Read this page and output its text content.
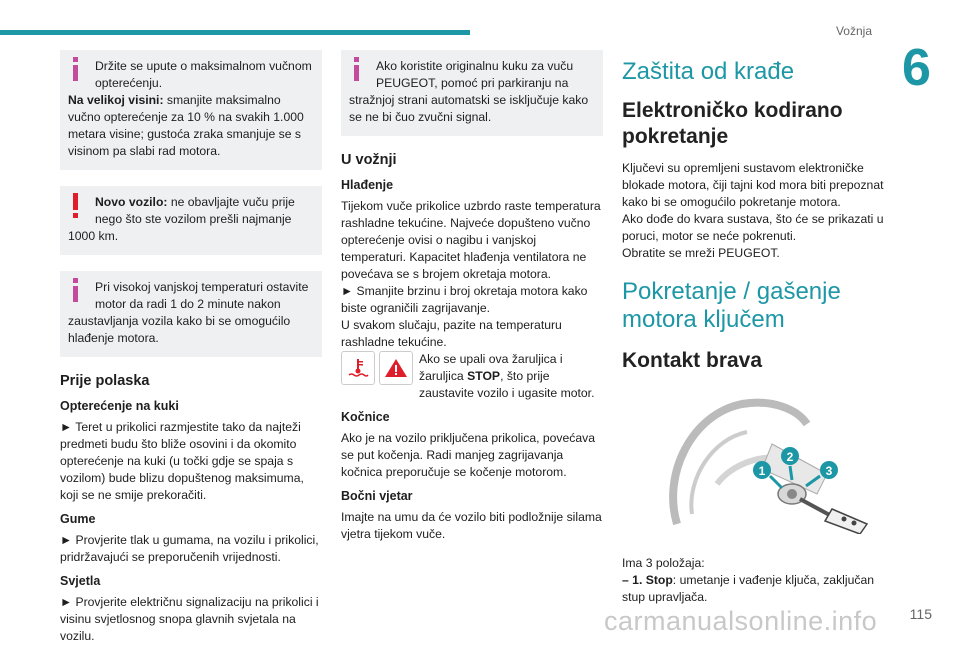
Vožnja
6
Držite se upute o maksimalnom vučnom opterećenju.
Na velikoj visini: smanjite maksimalno vučno opterećenje za 10 % na svakih 1.000 metara visine; gustoća zraka smanjuje se s visinom pa slabi rad motora.
Novo vozilo: ne obavljajte vuču prije nego što ste vozilom prešli najmanje
1000 km.
Pri visokoj vanjskoj temperaturi ostavite motor da radi 1 do 2 minute nakon
zaustavljanja vozila kako bi se omogućilo hlađenje motora.
Prije polaska
Opterećenje na kuki

► Teret u prikolici razmjestite tako da najteži predmeti budu što bliže osovini i da okomito opterećenje na kuki (u točki gdje se spaja s vozilom) bude blizu dopuštenog maksimuma, koji se ne smije prekoračiti.

Gume

► Provjerite tlak u gumama, na vozilu i prikolici, pridržavajući se preporučenih vrijednosti.

Svjetla

► Provjerite električnu signalizaciju na prikolici i visinu svjetlosnog snopa glavnih svjetala na vozilu.

Ako koristite originalnu kuku za vuču PEUGEOT, pomoć pri parkiranju na
stražnjoj strani automatski se isključuje kako se ne bi čuo zvučni signal.
U vožnji
Hlađenje

Tijekom vuče prikolice uzbrdo raste temperatura rashladne tekućine. Najveće dopušteno vučno opterećenje ovisi o nagibu i vanjskoj temperaturi. Kapacitet hlađenja ventilatora ne povećava se s brojem okretaja motora.

► Smanjite brzinu i broj okretaja motora kako biste ograničili zagrijavanje.

U svakom slučaju, pazite na temperaturu rashladne tekućine.

Ako se upali ova žaruljica i žaruljica STOP, što prije zaustavite vozilo i ugasite motor.

Kočnice

Ako je na vozilo priključena prikolica, povećava se put kočenja. Radi manjeg zagrijavanja kočnica preporučuje se kočenje motorom.

Bočni vjetar

Imajte na umu da će vozilo biti podložnije silama vjetra tijekom vuče.

Zaštita od krađe
Elektroničko kodirano pokretanje

Ključevi su opremljeni sustavom elektroničke blokade motora, čiji tajni kod mora biti prepoznat kako bi se omogućilo pokretanje motora.

Ako dođe do kvara sustava, što će se prikazati u poruci, motor se neće pokrenuti.

Obratite se mreži PEUGEOT.

Pokretanje / gašenje motora ključem
Kontakt brava
1
2
3

Ima 3 položaja:

– 1. Stop: umetanje i vađenje ključa, zaključan stup upravljača.

carmanualsonline.info 115
